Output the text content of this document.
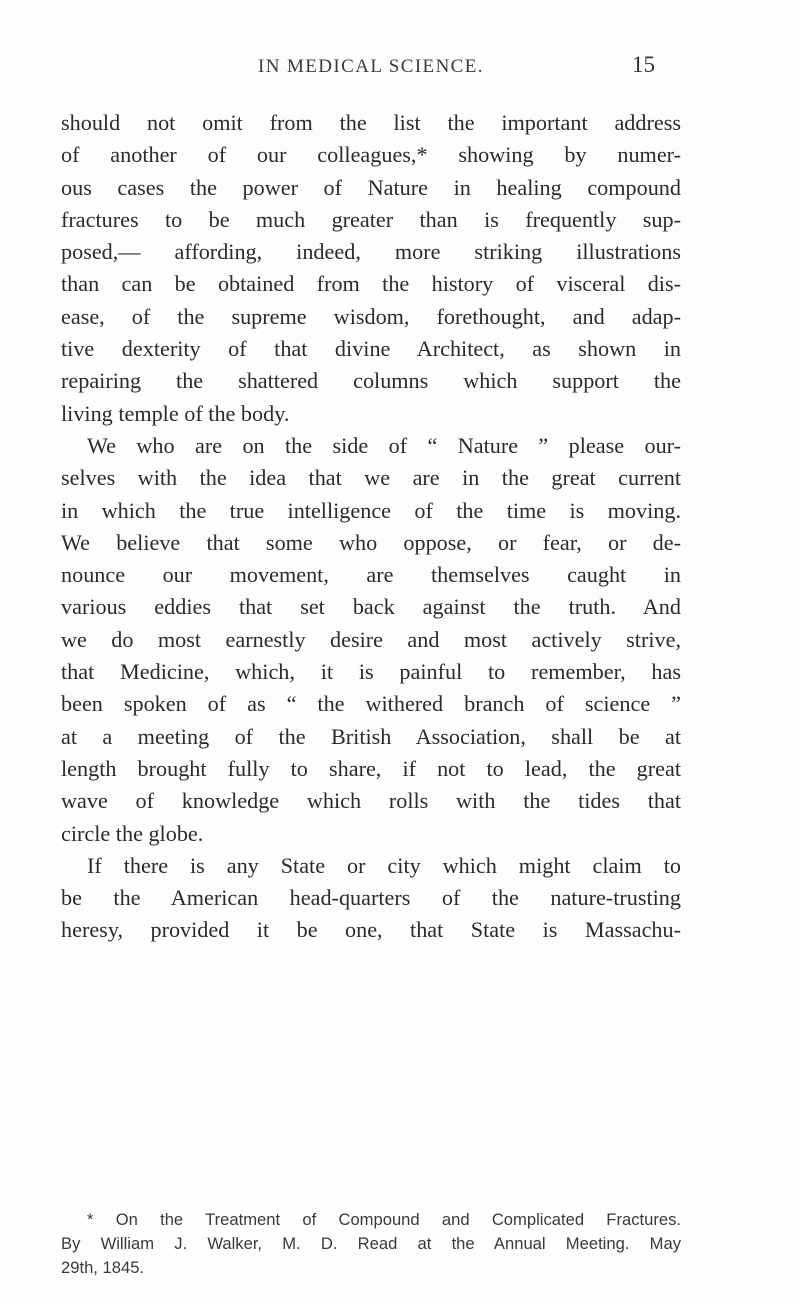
IN MEDICAL SCIENCE.	15
should not omit from the list the important address
of another of our colleagues,* showing by numer-
ous cases the power of Nature in healing compound
fractures to be much greater than is frequently sup-
posed,— affording, indeed, more striking illustrations
than can be obtained from the history of visceral dis-
ease, of the supreme wisdom, forethought, and adap-
tive dexterity of that divine Architect, as shown in
repairing the shattered columns which support the
living temple of the body.
We who are on the side of “ Nature ” please our-
selves with the idea that we are in the great current
in which the true intelligence of the time is moving.
We believe that some who oppose, or fear, or de-
nounce our movement, are themselves caught in
various eddies that set back against the truth. And
we do most earnestly desire and most actively strive,
that Medicine, which, it is painful to remember, has
been spoken of as “ the withered branch of science ”
at a meeting of the British Association, shall be at
length brought fully to share, if not to lead, the great
wave of knowledge which rolls with the tides that
circle the globe.
If there is any State or city which might claim to
be the American head-quarters of the nature-trusting
heresy, provided it be one, that State is Massachu-
* On the Treatment of Compound and Complicated Fractures.
By William J. Walker, M. D. Read at the Annual Meeting. May
29th, 1845.
